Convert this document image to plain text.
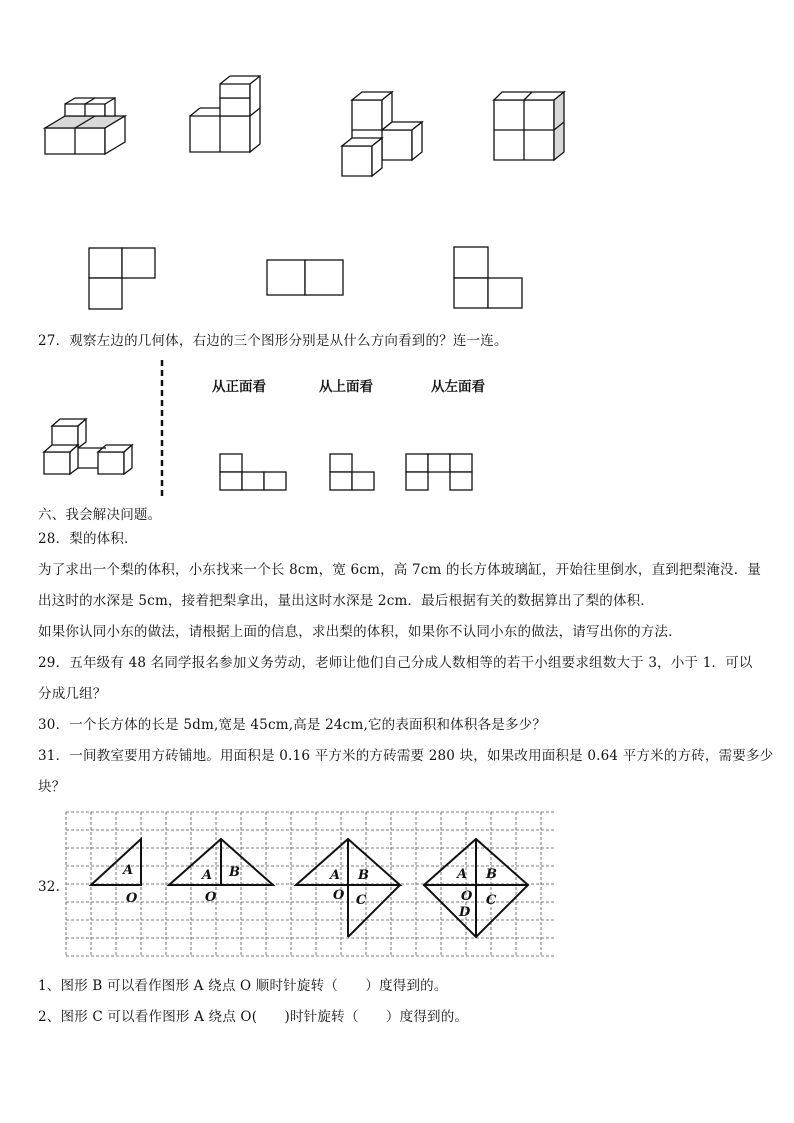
27．观察左边的几何体，右边的三个图形分别是从什么方向看到的？连一连。
从正面看	从上面看	从左面看
六、我会解决问题。
28．梨的体积．
为了求出一个梨的体积，小东找来一个长 8cm，宽 6cm，高 7cm 的长方体玻璃缸，开始往里倒水，直到把梨淹没．量
出这时的水深是 5cm，接着把梨拿出，量出这时水深是 2cm．最后根据有关的数据算出了梨的体积．
如果你认同小东的做法，请根据上面的信息，求出梨的体积，如果你不认同小东的做法，请写出你的方法．
29．五年级有 48 名同学报名参加义务劳动，老师让他们自己分成人数相等的若干小组要求组数大于 3，小于 1．可以
分成几组？
30．一个长方体的长是 5dm,宽是 45cm,高是 24cm,它的表面积和体积各是多少？
31．一间教室要用方砖铺地。用面积是 0.16 平方米的方砖需要 280 块，如果改用面积是 0.64 平方米的方砖，需要多少
块？
32.
A
O
A B
O
A B
O C
A B
O C
D
1、图形 B 可以看作图形 A 绕点 O 顺时针旋转（　　）度得到的。
2、图形 C 可以看作图形 A 绕点 O(　　)时针旋转（　　）度得到的。
